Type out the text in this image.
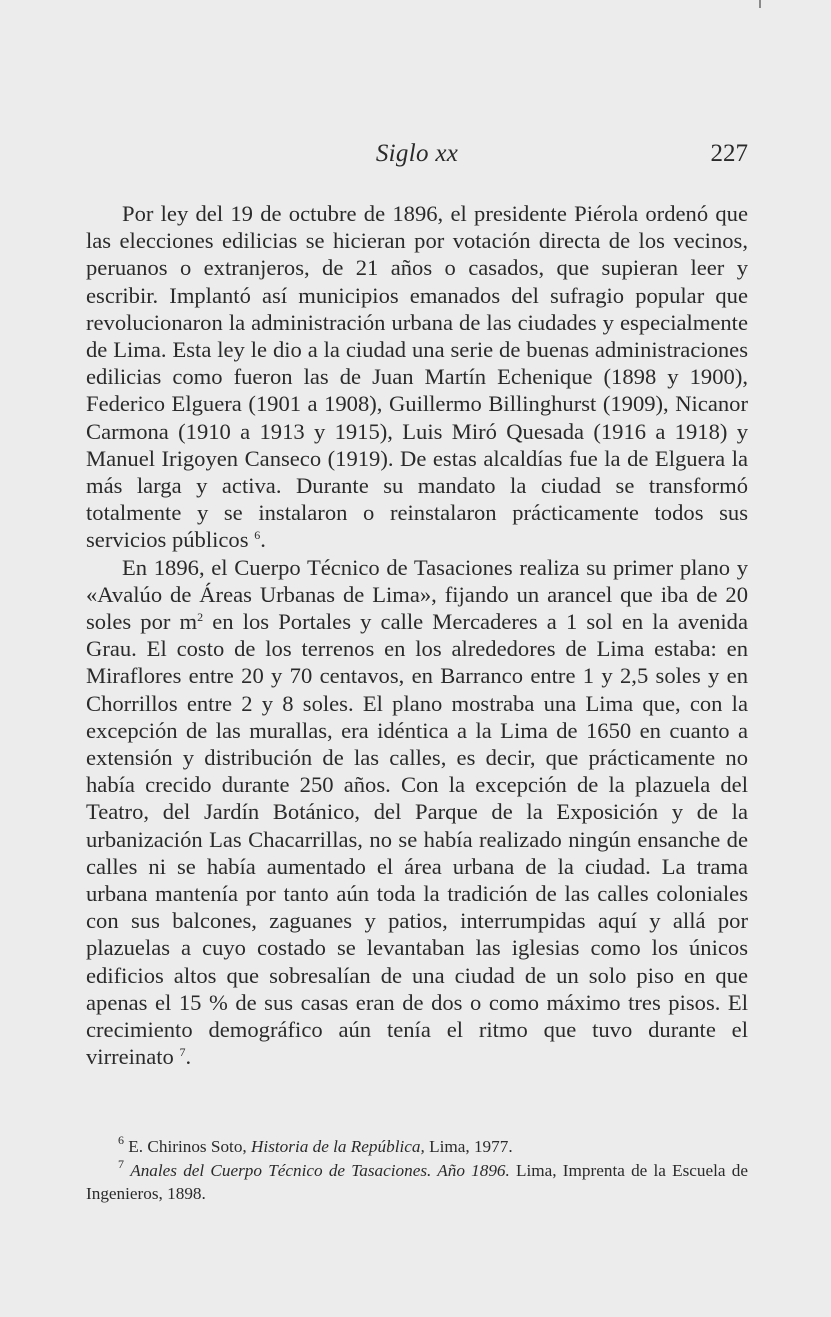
Siglo xx	227

Por ley del 19 de octubre de 1896, el presidente Piérola ordenó que las elecciones edilicias se hicieran por votación directa de los vecinos, peruanos o extranjeros, de 21 años o casados, que supieran leer y escribir. Implantó así municipios emanados del sufragio popular que revolucionaron la administración urbana de las ciudades y especialmente de Lima. Esta ley le dio a la ciudad una serie de buenas administraciones edilicias como fueron las de Juan Martín Echenique (1898 y 1900), Federico Elguera (1901 a 1908), Guillermo Billinghurst (1909), Nicanor Carmona (1910 a 1913 y 1915), Luis Miró Quesada (1916 a 1918) y Manuel Irigoyen Canseco (1919). De estas alcaldías fue la de Elguera la más larga y activa. Durante su mandato la ciudad se transformó totalmente y se instalaron o reinstalaron prácticamente todos sus servicios públicos $^6$.

En 1896, el Cuerpo Técnico de Tasaciones realiza su primer plano y «Avalúo de Áreas Urbanas de Lima», fijando un arancel que iba de 20 soles por $m^2$ en los Portales y calle Mercaderes a 1 sol en la avenida Grau. El costo de los terrenos en los alrededores de Lima estaba: en Miraflores entre 20 y 70 centavos, en Barranco entre 1 y 2,5 soles y en Chorrillos entre 2 y 8 soles. El plano mostraba una Lima que, con la excepción de las murallas, era idéntica a la Lima de 1650 en cuanto a extensión y distribución de las calles, es decir, que prácticamente no había crecido durante 250 años. Con la excepción de la plazuela del Teatro, del Jardín Botánico, del Parque de la Exposición y de la urbanización Las Chacarrillas, no se había realizado ningún ensanche de calles ni se había aumentado el área urbana de la ciudad. La trama urbana mantenía por tanto aún toda la tradición de las calles coloniales con sus balcones, zaguanes y patios, interrumpidas aquí y allá por plazuelas a cuyo costado se levantaban las iglesias como los únicos edificios altos que sobresalían de una ciudad de un solo piso en que apenas el 15 % de sus casas eran de dos o como máximo tres pisos. El crecimiento demográfico aún tenía el ritmo que tuvo durante el virreinato $^7$.

$^6$ E. Chirinos Soto, Historia de la República, Lima, 1977.

$^7$ Anales del Cuerpo Técnico de Tasaciones. Año 1896. Lima, Imprenta de la Escuela de Ingenieros, 1898.
